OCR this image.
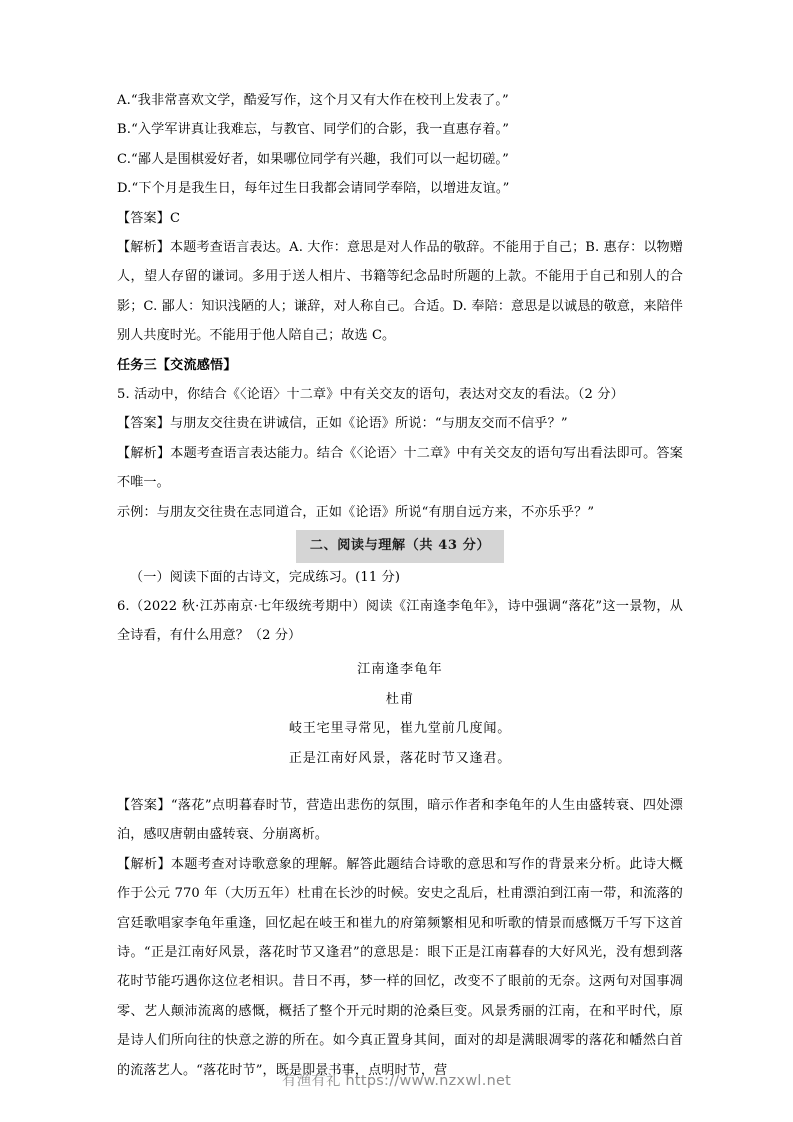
A.“我非常喜欢文学，酷爱写作，这个月又有大作在校刊上发表了。”
B.“入学军讲真让我难忘，与教官、同学们的合影，我一直惠存着。”
C.“鄙人是围棋爱好者，如果哪位同学有兴趣，我们可以一起切磋。”
D.“下个月是我生日，每年过生日我都会请同学奉陪，以增进友谊。”
【答案】C

【解析】本题考查语言表达。A. 大作：意思是对人作品的敬辞。不能用于自己；B. 惠存：以物赠人，望人存留的谦词。多用于送人相片、书籍等纪念品时所题的上款。不能用于自己和别人的合影；C. 鄙人：知识浅陋的人；谦辞，对人称自己。合适。D. 奉陪：意思是以诚恳的敬意，来陪伴别人共度时光。不能用于他人陪自己；故选 C。

任务三【交流感悟】
5. 活动中，你结合《〈论语〉十二章》中有关交友的语句，表达对交友的看法。（2 分）
【答案】与朋友交往贵在讲诚信，正如《论语》所说：“与朋友交而不信乎？”

【解析】本题考查语言表达能力。结合《〈论语〉十二章》中有关交友的语句写出看法即可。答案不唯一。

示例：与朋友交往贵在志同道合，正如《论语》所说“有朋自远方来，不亦乐乎？”
二、阅读与理解（共 43 分）
（一）阅读下面的古诗文，完成练习。(11 分)

6.（2022 秋·江苏南京·七年级统考期中）阅读《江南逢李龟年》，诗中强调“落花”这一景物，从全诗看，有什么用意？（2 分）

江南逢李龟年
杜甫
岐王宅里寻常见，崔九堂前几度闻。
正是江南好风景，落花时节又逢君。

【答案】“落花”点明暮春时节，营造出悲伤的氛围，暗示作者和李龟年的人生由盛转衰、四处漂泊，感叹唐朝由盛转衰、分崩离析。

【解析】本题考查对诗歌意象的理解。解答此题结合诗歌的意思和写作的背景来分析。此诗大概作于公元 770 年（大历五年）杜甫在长沙的时候。安史之乱后，杜甫漂泊到江南一带，和流落的宫廷歌唱家李龟年重逢，回忆起在岐王和崔九的府第频繁相见和听歌的情景而感慨万千写下这首诗。“正是江南好风景，落花时节又逢君”的意思是：眼下正是江南暮春的大好风光，没有想到落花时节能巧遇你这位老相识。昔日不再，梦一样的回忆，改变不了眼前的无奈。这两句对国事凋零、艺人颠沛流离的感慨，概括了整个开元时期的沧桑巨变。风景秀丽的江南，在和平时代，原是诗人们所向往的快意之游的所在。如今真正置身其间，面对的却是满眼凋零的落花和幡然白首的流落艺人。“落花时节”，既是即景书事，点明时节，营

有渔有礼 https://www.nzxwl.net
